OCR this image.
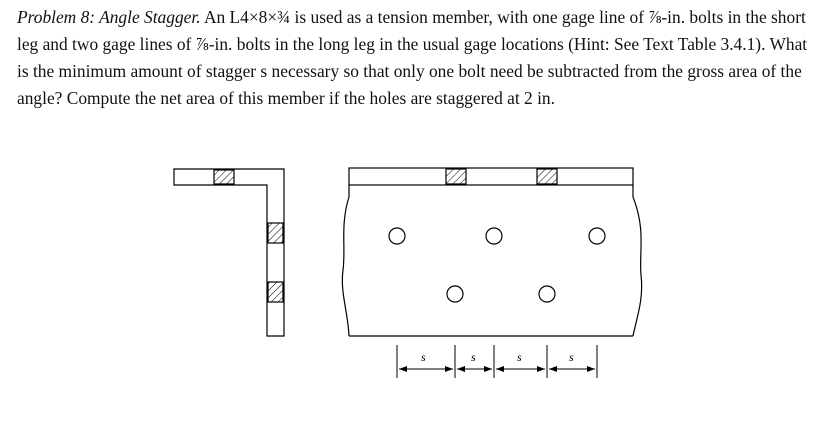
Problem 8: Angle Stagger. An L4×8×¾ is used as a tension member, with one gage line of ⅞-in. bolts in the short leg and two gage lines of ⅞-in. bolts in the long leg in the usual gage locations (Hint: See Text Table 3.4.1). What is the minimum amount of stagger s necessary so that only one bolt need be subtracted from the gross area of the angle? Compute the net area of this member if the holes are staggered at 2 in.
s	s	s	s
